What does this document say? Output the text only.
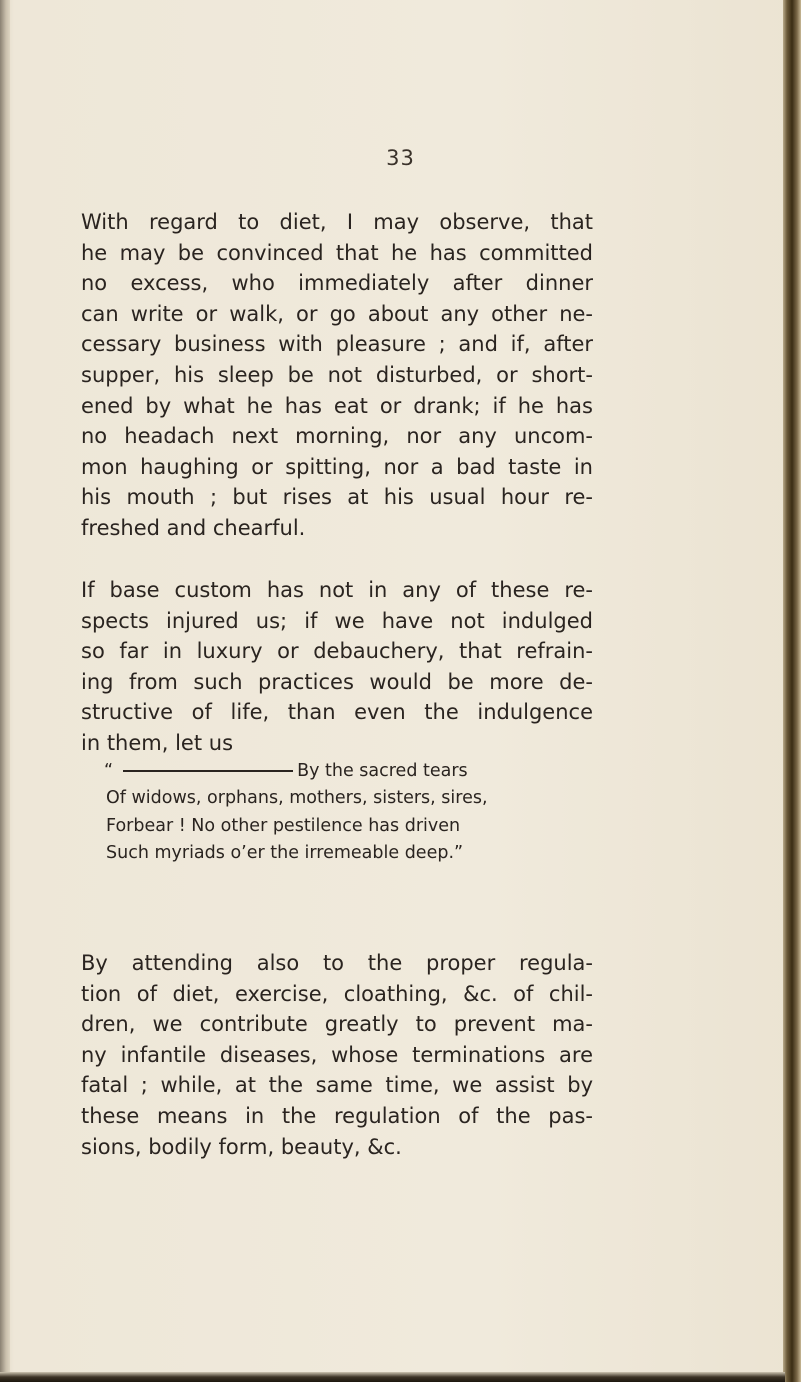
33
With regard to diet, I may observe, that
he may be convinced that he has committed
no excess, who immediately after dinner
can write or walk, or go about any other ne-
cessary business with pleasure ; and if, after
supper, his sleep be not disturbed, or short-
ened by what he has eat or drank; if he has
no headach next morning, nor any uncom-
mon haughing or spitting, nor a bad taste in
his mouth ; but rises at his usual hour re-
freshed and chearful.
If base custom has not in any of these re-
spects injured us; if we have not indulged
so far in luxury or debauchery, that refrain-
ing from such practices would be more de-
structive of life, than even the indulgence
in them, let us
“	By the sacred tears
Of widows, orphans, mothers, sisters, sires,
Forbear ! No other pestilence has driven
Such myriads o’er the irremeable deep.”
By attending also to the proper regula-
tion of diet, exercise, cloathing, &c. of chil-
dren, we contribute greatly to prevent ma-
ny infantile diseases, whose terminations are
fatal ; while, at the same time, we assist by
these means in the regulation of the pas-
sions, bodily form, beauty, &c.
